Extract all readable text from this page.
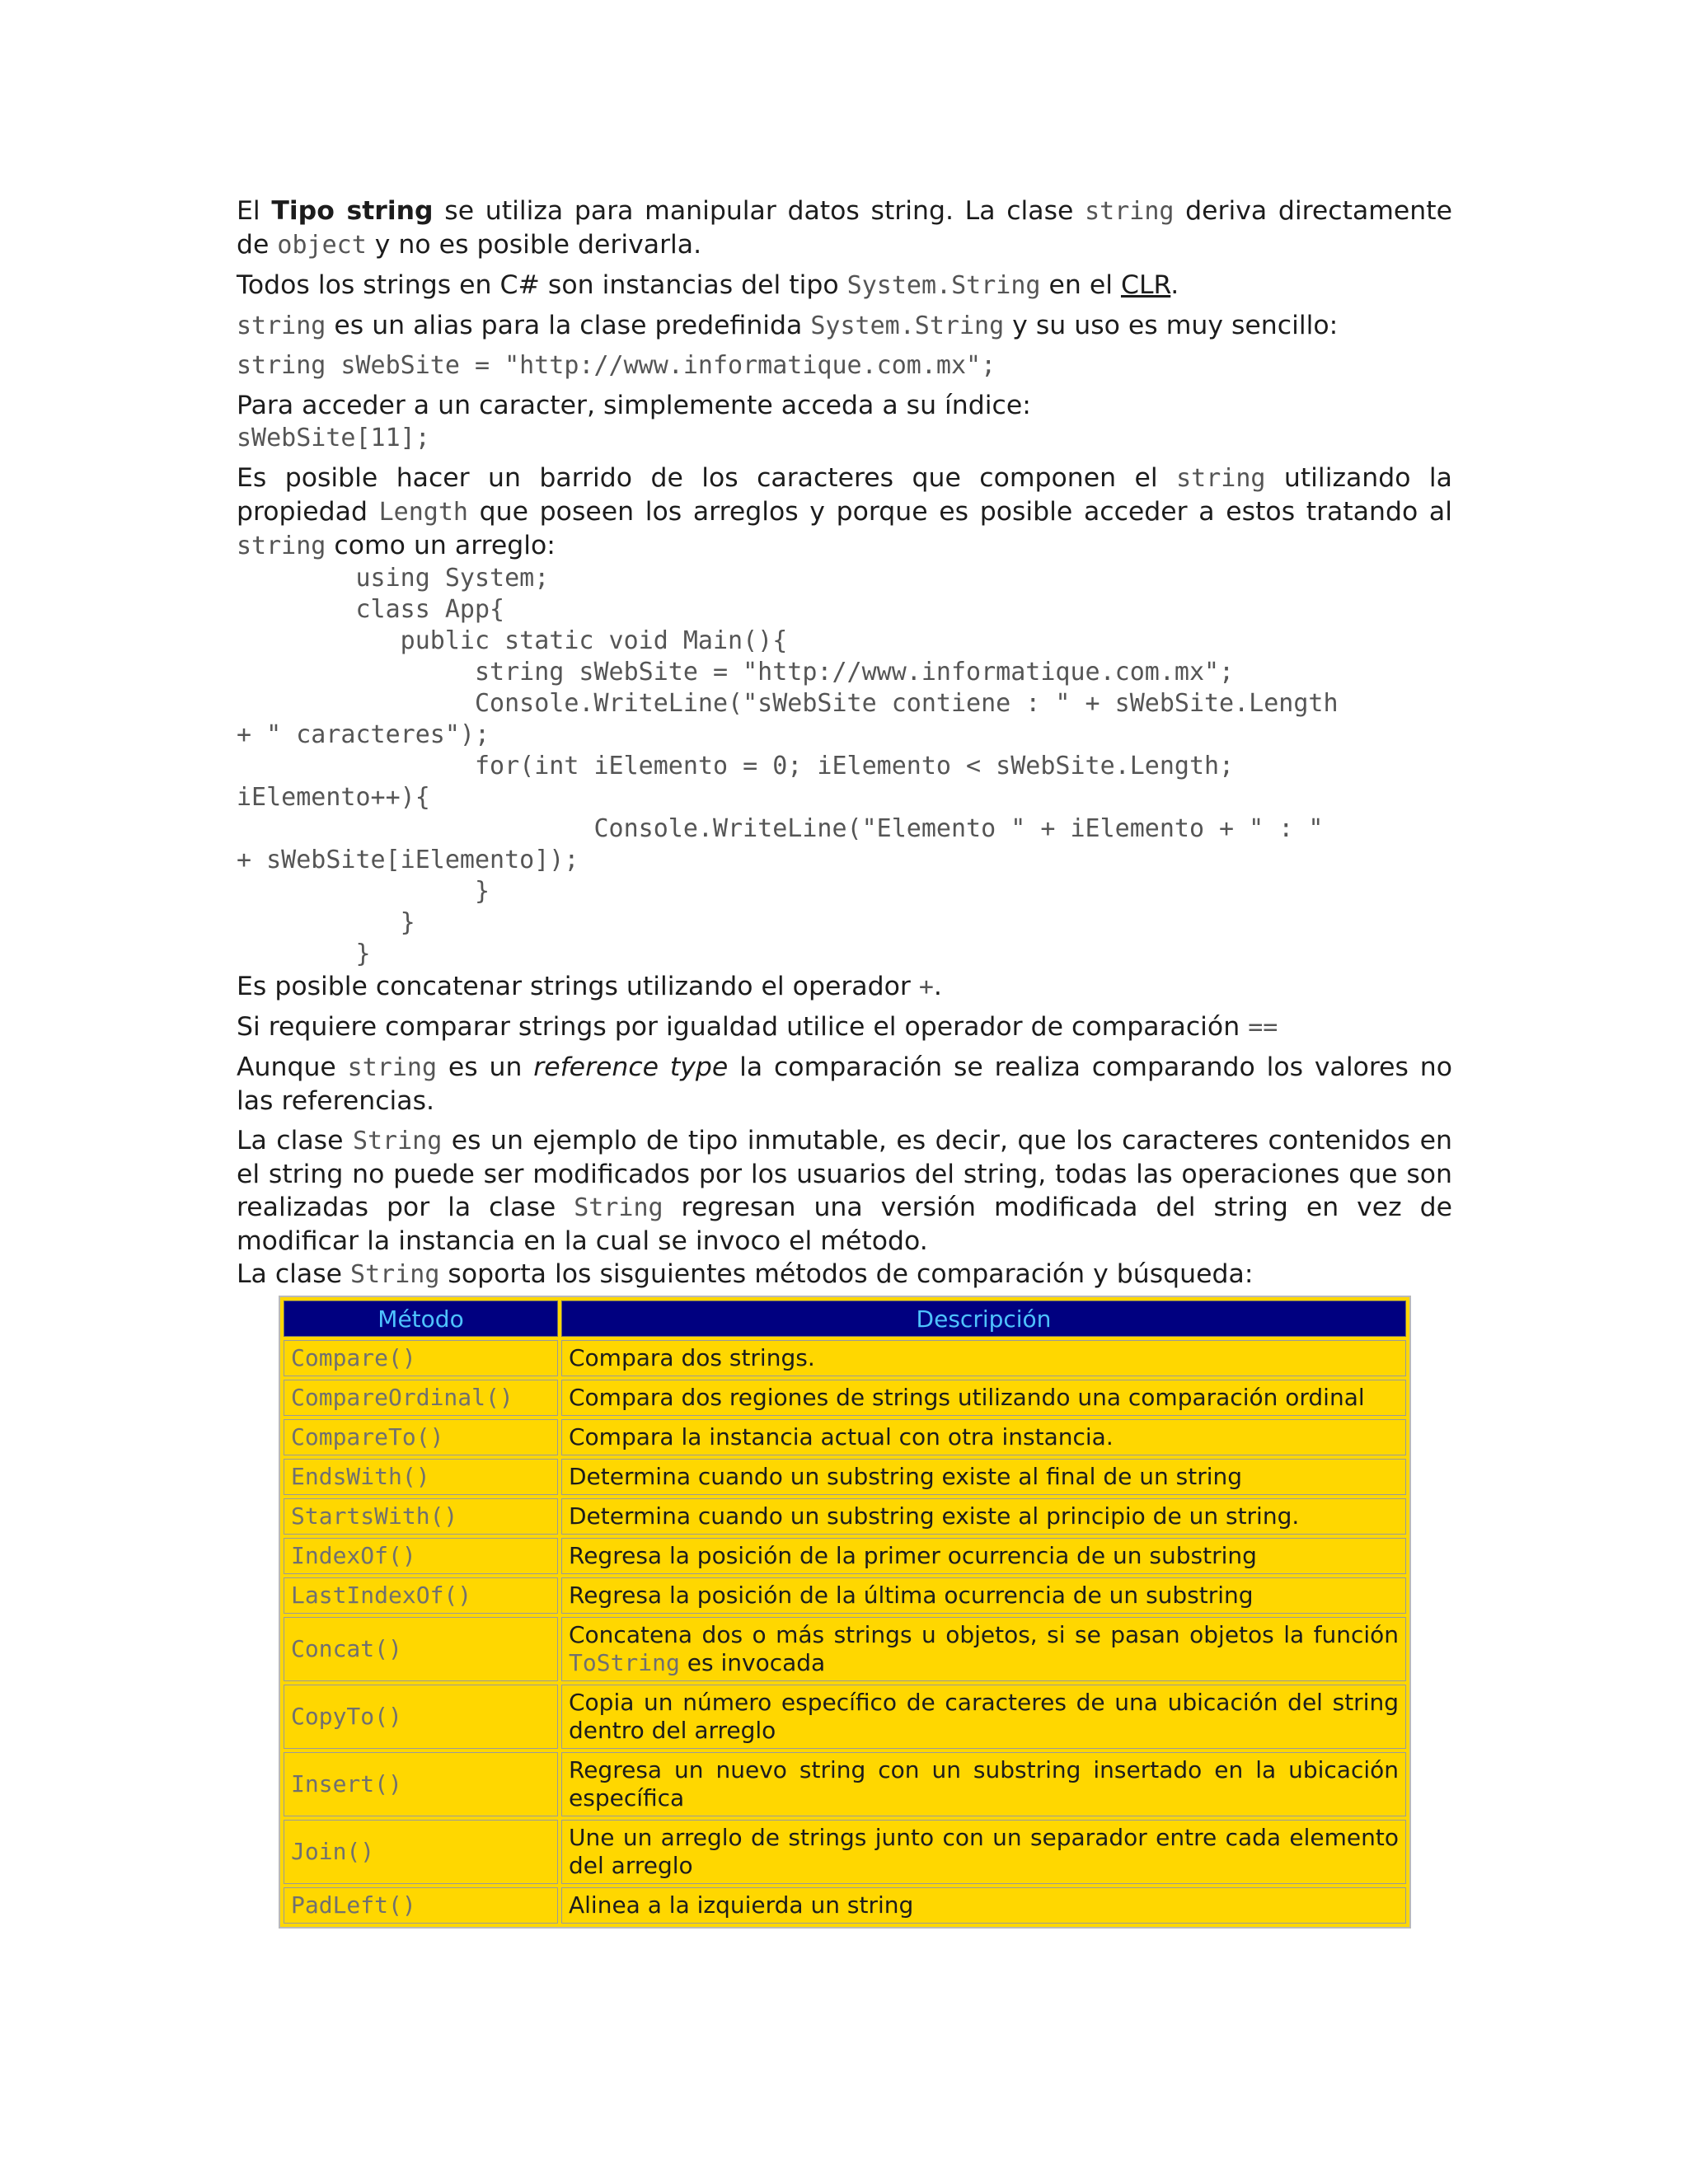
El Tipo string se utiliza para manipular datos string. La clase string deriva directamente de object y no es posible derivarla.

Todos los strings en C# son instancias del tipo System.String en el CLR.

string es un alias para la clase predefinida System.String y su uso es muy sencillo:

string sWebSite = "http://www.informatique.com.mx";

Para acceder a un caracter, simplemente acceda a su índice:

sWebSite[11];

Es posible hacer un barrido de los caracteres que componen el string utilizando la propiedad Length que poseen los arreglos y porque es posible acceder a estos tratando al string como un arreglo:

using System;
class App{
public static void Main(){
string sWebSite = "http://www.informatique.com.mx";
Console.WriteLine("sWebSite contiene : " + sWebSite.Length
+ " caracteres");
for(int iElemento = 0; iElemento < sWebSite.Length;
iElemento++){
Console.WriteLine("Elemento " + iElemento + " : "
+ sWebSite[iElemento]);
}
}
}

Es posible concatenar strings utilizando el operador +.

Si requiere comparar strings por igualdad utilice el operador de comparación ==

Aunque string es un reference type la comparación se realiza comparando los valores no las referencias.

La clase String es un ejemplo de tipo inmutable, es decir, que los caracteres contenidos en el string no puede ser modificados por los usuarios del string, todas las operaciones que son realizadas por la clase String regresan una versión modificada del string en vez de modificar la instancia en la cual se invoco el método.

La clase String soporta los sisguientes métodos de comparación y búsqueda:

Método	Descripción
Compare()	Compara dos strings.
CompareOrdinal()	Compara dos regiones de strings utilizando una comparación ordinal
CompareTo()	Compara la instancia actual con otra instancia.
EndsWith()	Determina cuando un substring existe al final de un string
StartsWith()	Determina cuando un substring existe al principio de un string.
IndexOf()	Regresa la posición de la primer ocurrencia de un substring
LastIndexOf()	Regresa la posición de la última ocurrencia de un substring
Concat()	Concatena dos o más strings u objetos, si se pasan objetos la función ToString es invocada
CopyTo()	Copia un número específico de caracteres de una ubicación del string dentro del arreglo
Insert()	Regresa un nuevo string con un substring insertado en la ubicación específica
Join()	Une un arreglo de strings junto con un separador entre cada elemento del arreglo
PadLeft()	Alinea a la izquierda un string
